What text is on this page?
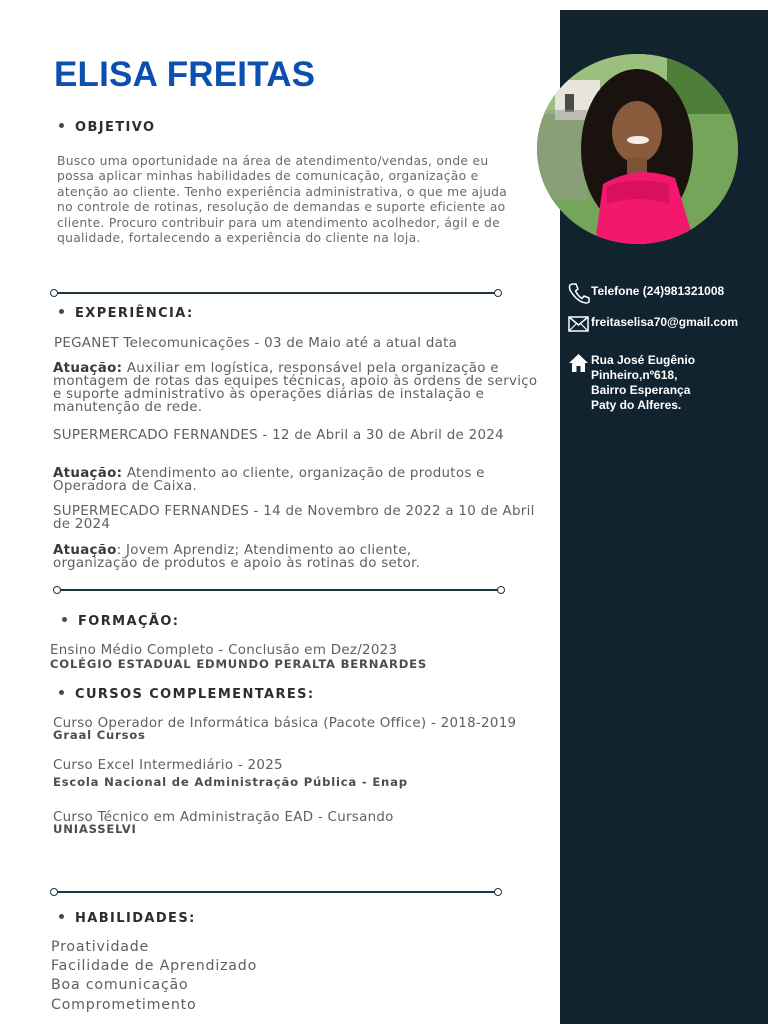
Telefone (24)981321008
freitaselisa70@gmail.com
Rua José Eugênio
Pinheiro,nº618,
Bairro Esperança
Paty do Alferes.
ELISA FREITAS
OBJETIVO
Busco uma oportunidade na área de atendimento/vendas, onde eu possa aplicar minhas habilidades de comunicação, organização e atenção ao cliente. Tenho experiência administrativa, o que me ajuda no controle de rotinas, resolução de demandas e suporte eficiente ao cliente. Procuro contribuir para um atendimento acolhedor, ágil e de qualidade, fortalecendo a experiência do cliente na loja.
EXPERIÊNCIA:
PEGANET Telecomunicações - 03 de Maio até a atual data
Atuação: Auxiliar em logística, responsável pela organização e montagem de rotas das equipes técnicas, apoio às ordens de serviço e suporte administrativo às operações diárias de instalação e manutenção de rede.
SUPERMERCADO FERNANDES - 12 de Abril a 30 de Abril de 2024
Atuação: Atendimento ao cliente, organização de produtos e Operadora de Caixa.
SUPERMECADO FERNANDES - 14 de Novembro de 2022 a 10 de Abril de 2024
Atuação: Jovem Aprendiz; Atendimento ao cliente, organização de produtos e apoio às rotinas do setor.
FORMAÇÃO:
Ensino Médio Completo - Conclusão em Dez/2023
COLÉGIO ESTADUAL EDMUNDO PERALTA BERNARDES
CURSOS COMPLEMENTARES:
Curso Operador de Informática básica (Pacote Office) - 2018-2019
Graal Cursos
Curso Excel Intermediário - 2025
Escola Nacional de Administração Pública - Enap
Curso Técnico em Administração EAD - Cursando
UNIASSELVI
HABILIDADES:
Proatividade
Facilidade de Aprendizado
Boa comunicação
Comprometimento
